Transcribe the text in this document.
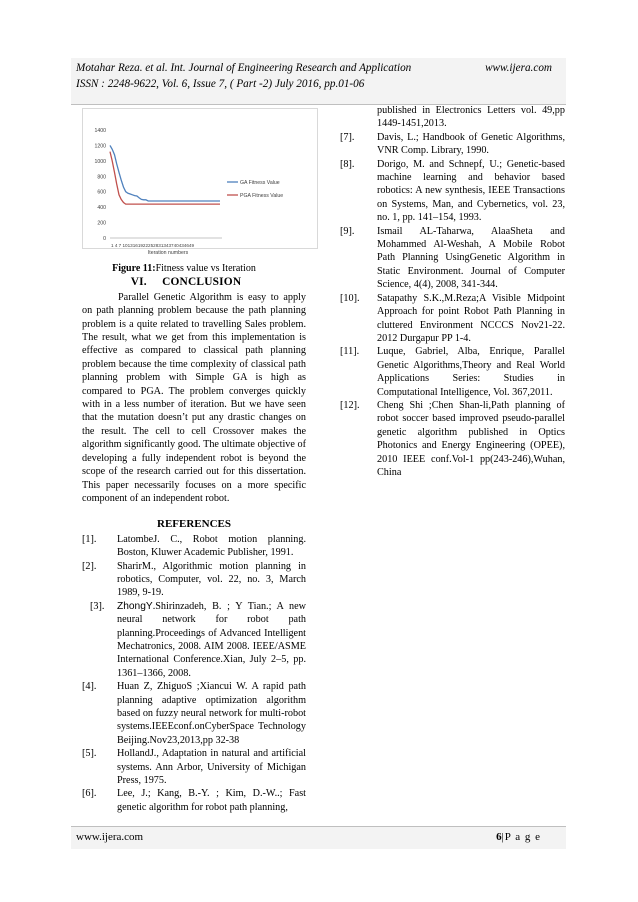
Motahar Reza. et al. Int. Journal of Engineering Research and Application	www.ijera.com
ISSN : 2248-9622, Vol. 6, Issue 7, ( Part -2) July 2016, pp.01-06
0
200
400
600
800
1000
1200
1400
1 4 7 1013161922252831343740434649
Iteration numbers
GA Fitness Value
PGA Fitness Value
Figure 11:Fitness value vs Iteration
VI. CONCLUSION
Parallel Genetic Algorithm is easy to apply on path planning problem because the path planning problem is a quite related to travelling Sales problem. The result, what we get from this implementation is effective as compared to classical path planning problem because the time complexity of classical path planning problem with Simple GA is high as compared to PGA. The problem converges quickly with in a less number of iteration. But we have seen that the mutation doesn’t put any drastic changes on the result. The cell to cell Crossover makes the algorithm significantly good. The ultimate objective of developing a fully independent robot is beyond the scope of the research carried out for this dissertation. This paper necessarily focuses on a more specific component of an independent robot.
REFERENCES
[1].	LatombeJ. C., Robot motion planning. Boston, Kluwer Academic Publisher, 1991.
[2].	SharirM., Algorithmic motion planning in robotics, Computer, vol. 22, no. 3, March 1989, 9-19.
[3].	ZhongY.Shirinzadeh, B. ; Y Tian.; A new neural network for robot path planning.Proceedings of Advanced Intelligent Mechatronics, 2008. AIM 2008. IEEE/ASME International Conference.Xian, July 2–5, pp. 1361–1366, 2008.
[4].	Huan Z, ZhiguoS ;Xiancui W. A rapid path planning adaptive optimization algorithm based on fuzzy neural network for multi-robot systems.IEEEconf.onCyberSpace Technology Beijing.Nov23,2013,pp 32-38
[5].	HollandJ., Adaptation in natural and artificial systems. Ann Arbor, University of Michigan Press, 1975.
[6].	Lee, J.; Kang, B.-Y. ; Kim, D.-W..; Fast genetic algorithm for robot path planning,
published in Electronics Letters vol. 49,pp 1449-1451,2013.
[7].	Davis, L.; Handbook of Genetic Algorithms, VNR Comp. Library, 1990.
[8].	Dorigo, M. and Schnepf, U.; Genetic-based machine learning and behavior based robotics: A new synthesis, IEEE Transactions on Systems, Man, and Cybernetics, vol. 23, no. 1, pp. 141–154, 1993.
[9].	Ismail AL-Taharwa, AlaaSheta and Mohammed Al-Weshah, A Mobile Robot Path Planning UsingGenetic Algorithm in Static Environment. Journal of Computer Science, 4(4), 2008, 341-344.
[10].	Satapathy S.K.,M.Reza;A Visible Midpoint Approach for point Robot Path Planning in cluttered Environment NCCCS Nov21-22. 2012 Durgapur PP 1-4.
[11].	Luque, Gabriel, Alba, Enrique, Parallel Genetic Algorithms,Theory and Real World Applications Series: Studies in Computational Intelligence, Vol. 367,2011.
[12].	Cheng Shi ;Chen Shan-li,Path planning of robot soccer based improved pseudo-parallel genetic algorithm published in Optics Photonics and Energy Engineering (OPEE), 2010 IEEE conf.Vol-1 pp(243-246),Wuhan, China
www.ijera.com	6|P a g e
